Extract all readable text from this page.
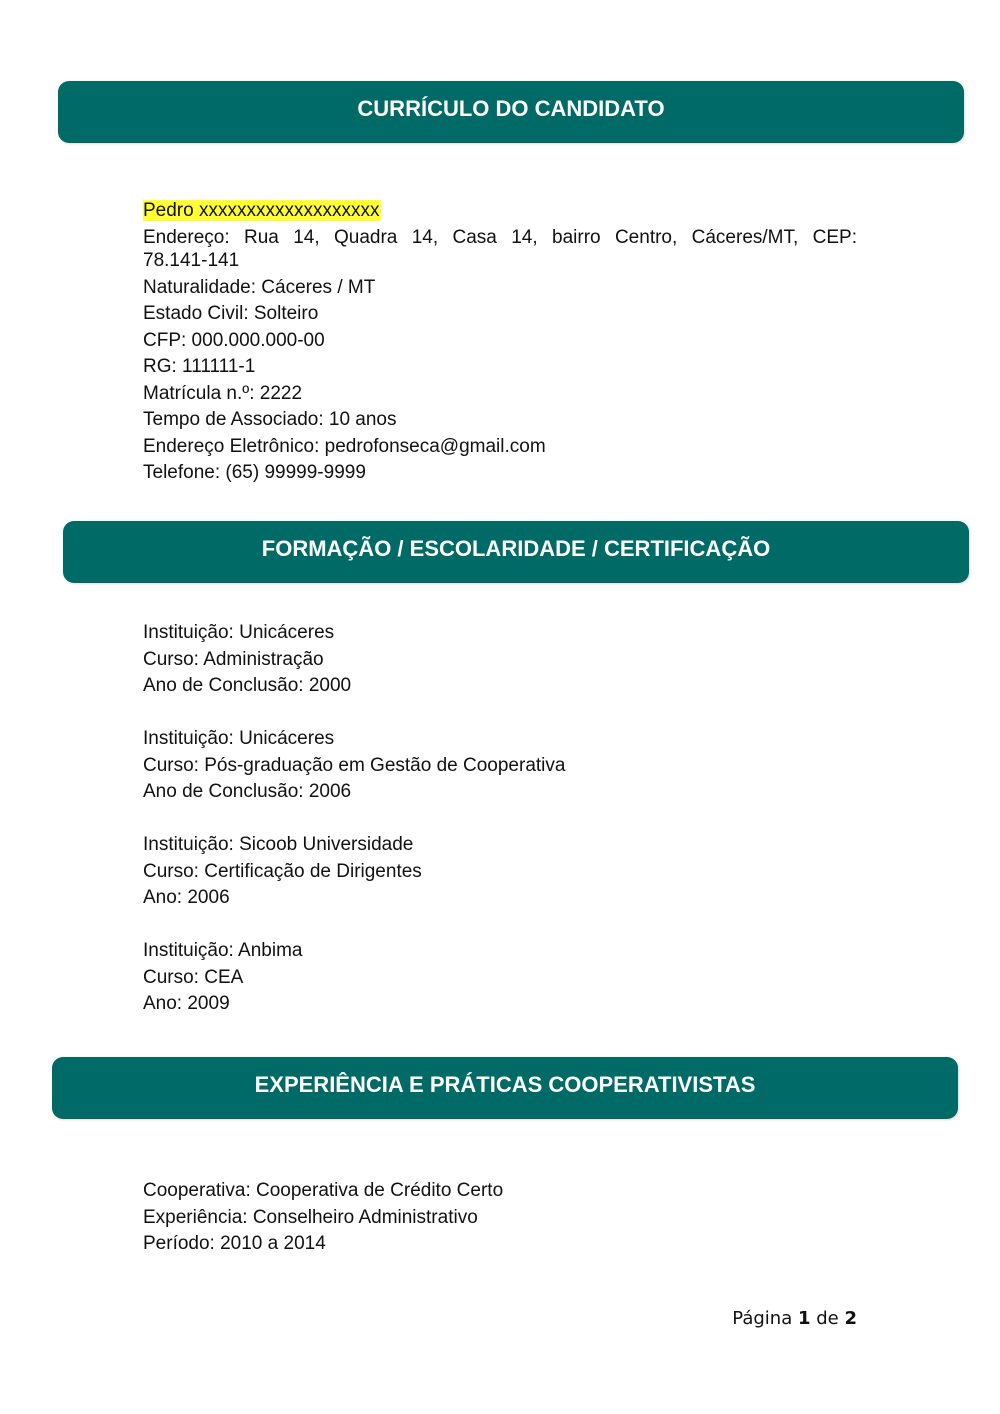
CURRÍCULO DO CANDIDATO
Pedro xxxxxxxxxxxxxxxxxxx
Endereço: Rua 14, Quadra 14, Casa 14, bairro Centro, Cáceres/MT, CEP:
78.141-141
Naturalidade: Cáceres / MT
Estado Civil: Solteiro
CFP: 000.000.000-00
RG: 111111-1
Matrícula n.º: 2222
Tempo de Associado: 10 anos
Endereço Eletrônico: pedrofonseca@gmail.com
Telefone: (65) 99999-9999
FORMAÇÃO / ESCOLARIDADE / CERTIFICAÇÃO
Instituição: Unicáceres
Curso: Administração
Ano de Conclusão: 2000
Instituição: Unicáceres
Curso: Pós-graduação em Gestão de Cooperativa
Ano de Conclusão: 2006
Instituição: Sicoob Universidade
Curso: Certificação de Dirigentes
Ano: 2006
Instituição: Anbima
Curso: CEA
Ano: 2009
EXPERIÊNCIA E PRÁTICAS COOPERATIVISTAS
Cooperativa: Cooperativa de Crédito Certo
Experiência: Conselheiro Administrativo
Período: 2010 a 2014
Página 1 de 2
